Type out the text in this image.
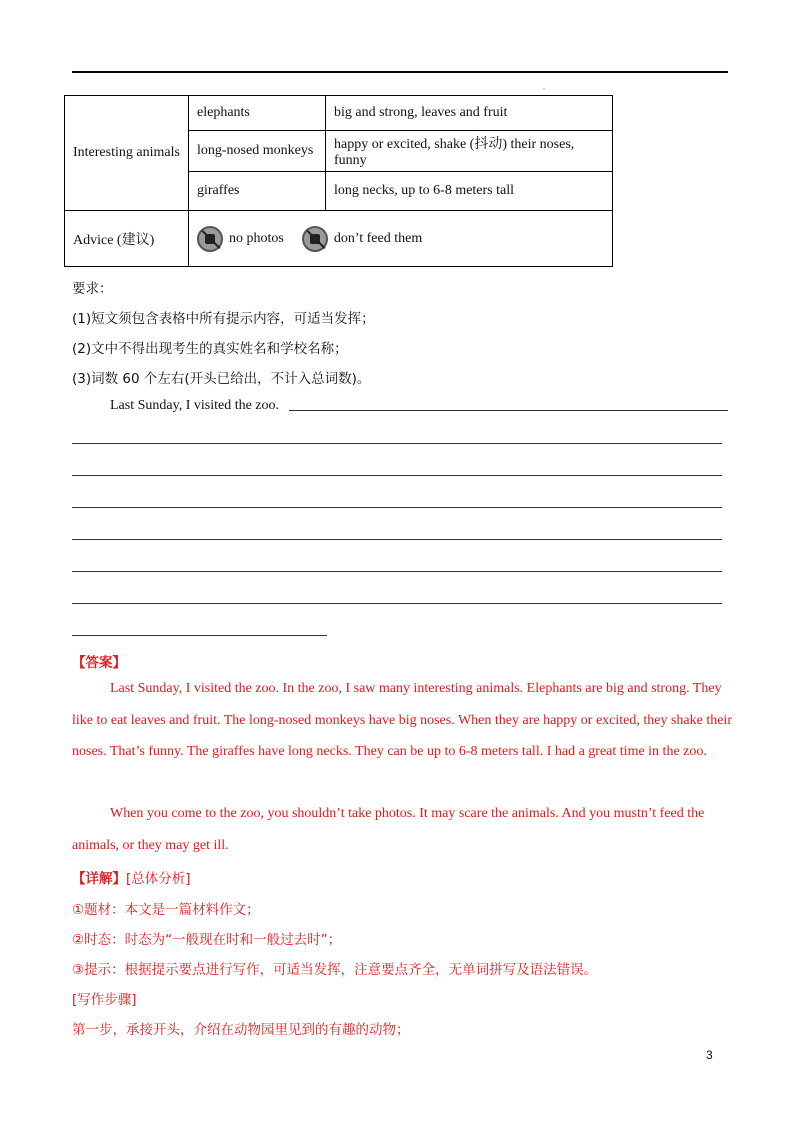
.
Interesting animals	elephants	big and strong, leaves and fruit
	long-nosed monkeys	happy or excited, shake (抖动) their noses, funny
	giraffes	long necks, up to 6-8 meters tall
Advice (建议)	no photos don’t feed them	
要求：
(1)短文须包含表格中所有提示内容，可适当发挥；
(2)文中不得出现考生的真实姓名和学校名称；
(3)词数 60 个左右(开头已给出，不计入总词数)。
Last Sunday, I visited the zoo.
【答案】
Last Sunday, I visited the zoo. In the zoo, I saw many interesting animals. Elephants are big and strong. They like to eat leaves and fruit. The long-nosed monkeys have big noses. When they are happy or excited, they shake their noses. That’s funny. The giraffes have long necks. They can be up to 6-8 meters tall. I had a great time in the zoo.
When you come to the zoo, you shouldn’t take photos. It may scare the animals. And you mustn’t feed the animals, or they may get ill.
【详解】[总体分析]
①题材：本文是一篇材料作文；
②时态：时态为“一般现在时和一般过去时”；
③提示：根据提示要点进行写作，可适当发挥，注意要点齐全，无单词拼写及语法错误。
[写作步骤]
第一步，承接开头，介绍在动物园里见到的有趣的动物；
3
